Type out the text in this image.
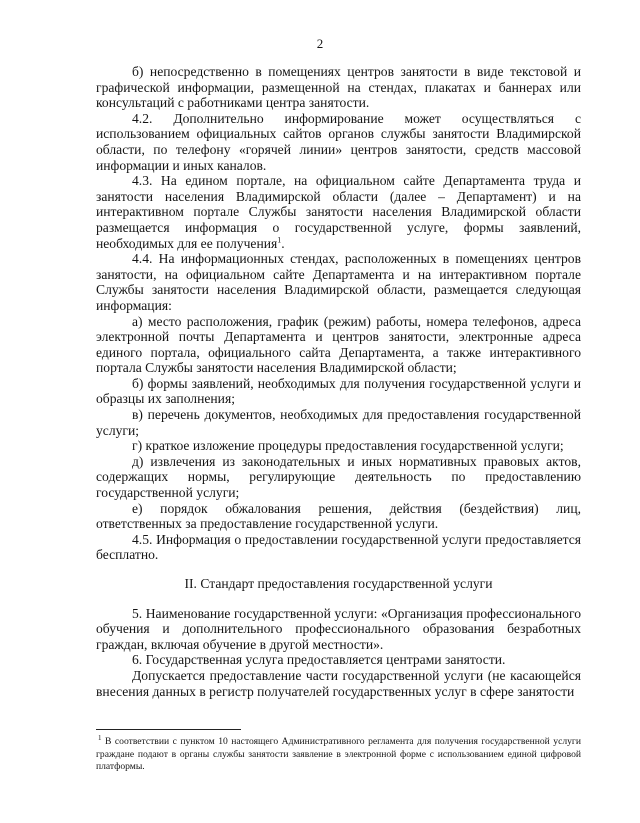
2

б) непосредственно в помещениях центров занятости в виде текстовой и графической информации, размещенной на стендах, плакатах и баннерах или консультаций с работниками центра занятости.

4.2. Дополнительно информирование может осуществляться с использованием официальных сайтов органов службы занятости Владимирской области, по телефону «горячей линии» центров занятости, средств массовой информации и иных каналов.

4.3. На едином портале, на официальном сайте Департамента труда и занятости населения Владимирской области (далее – Департамент) и на интерактивном портале Службы занятости населения Владимирской области размещается информация о государственной услуге, формы заявлений, необходимых для ее получения$^1$.

4.4. На информационных стендах, расположенных в помещениях центров занятости, на официальном сайте Департамента и на интерактивном портале Службы занятости населения Владимирской области, размещается следующая информация:

а) место расположения, график (режим) работы, номера телефонов, адреса электронной почты Департамента и центров занятости, электронные адреса единого портала, официального сайта Департамента, а также интерактивного портала Службы занятости населения Владимирской области;

б) формы заявлений, необходимых для получения государственной услуги и образцы их заполнения;

в) перечень документов, необходимых для предоставления государственной услуги;

г) краткое изложение процедуры предоставления государственной услуги;

д) извлечения из законодательных и иных нормативных правовых актов, содержащих нормы, регулирующие деятельность по предоставлению государственной услуги;

е) порядок обжалования решения, действия (бездействия) лиц, ответственных за предоставление государственной услуги.

4.5. Информация о предоставлении государственной услуги предоставляется бесплатно.

II. Стандарт предоставления государственной услуги

5. Наименование государственной услуги: «Организация профессионального обучения и дополнительного профессионального образования безработных граждан, включая обучение в другой местности».

6. Государственная услуга предоставляется центрами занятости.

Допускается предоставление части государственной услуги (не касающейся внесения данных в регистр получателей государственных услуг в сфере занятости

$^1$ В соответствии с пунктом 10 настоящего Административного регламента для получения государственной услуги граждане подают в органы службы занятости заявление в электронной форме с использованием единой цифровой платформы.
